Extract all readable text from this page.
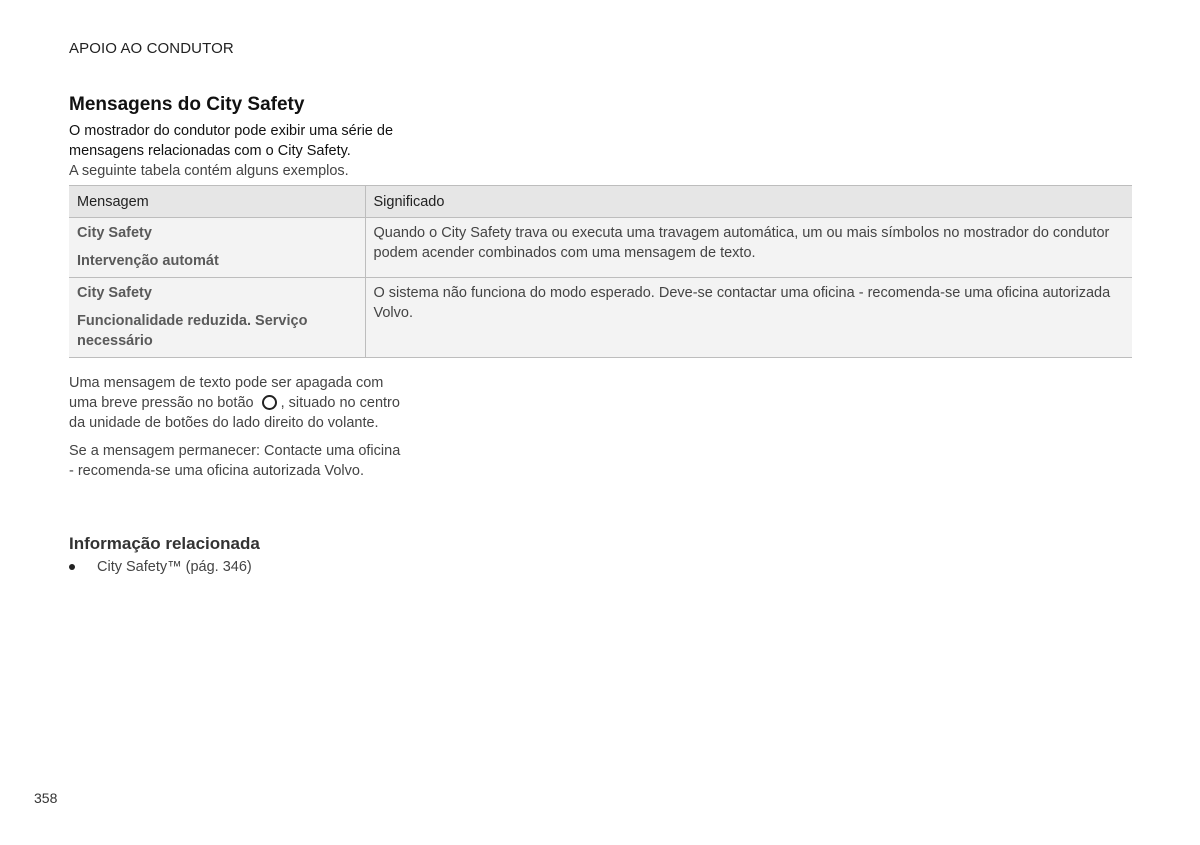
APOIO AO CONDUTOR
Mensagens do City Safety

O mostrador do condutor pode exibir uma série de mensagens relacionadas com o City Safety.

A seguinte tabela contém alguns exemplos.

Mensagem	Significado

City Safety

Intervenção automát	Quando o City Safety trava ou executa uma travagem automática, um ou mais símbolos no mostrador do condutor podem acender combinados com uma mensagem de texto.

City Safety

Funcionalidade reduzida. Serviço necessário	O sistema não funciona do modo esperado. Deve-se contactar uma oficina - recomenda-se uma oficina autorizada Volvo.

Uma mensagem de texto pode ser apagada com uma breve pressão no botão , situado no centro da unidade de botões do lado direito do volante.

Se a mensagem permanecer: Contacte uma oficina - recomenda-se uma oficina autorizada Volvo.

Informação relacionada
City Safety™ (pág. 346)
358
